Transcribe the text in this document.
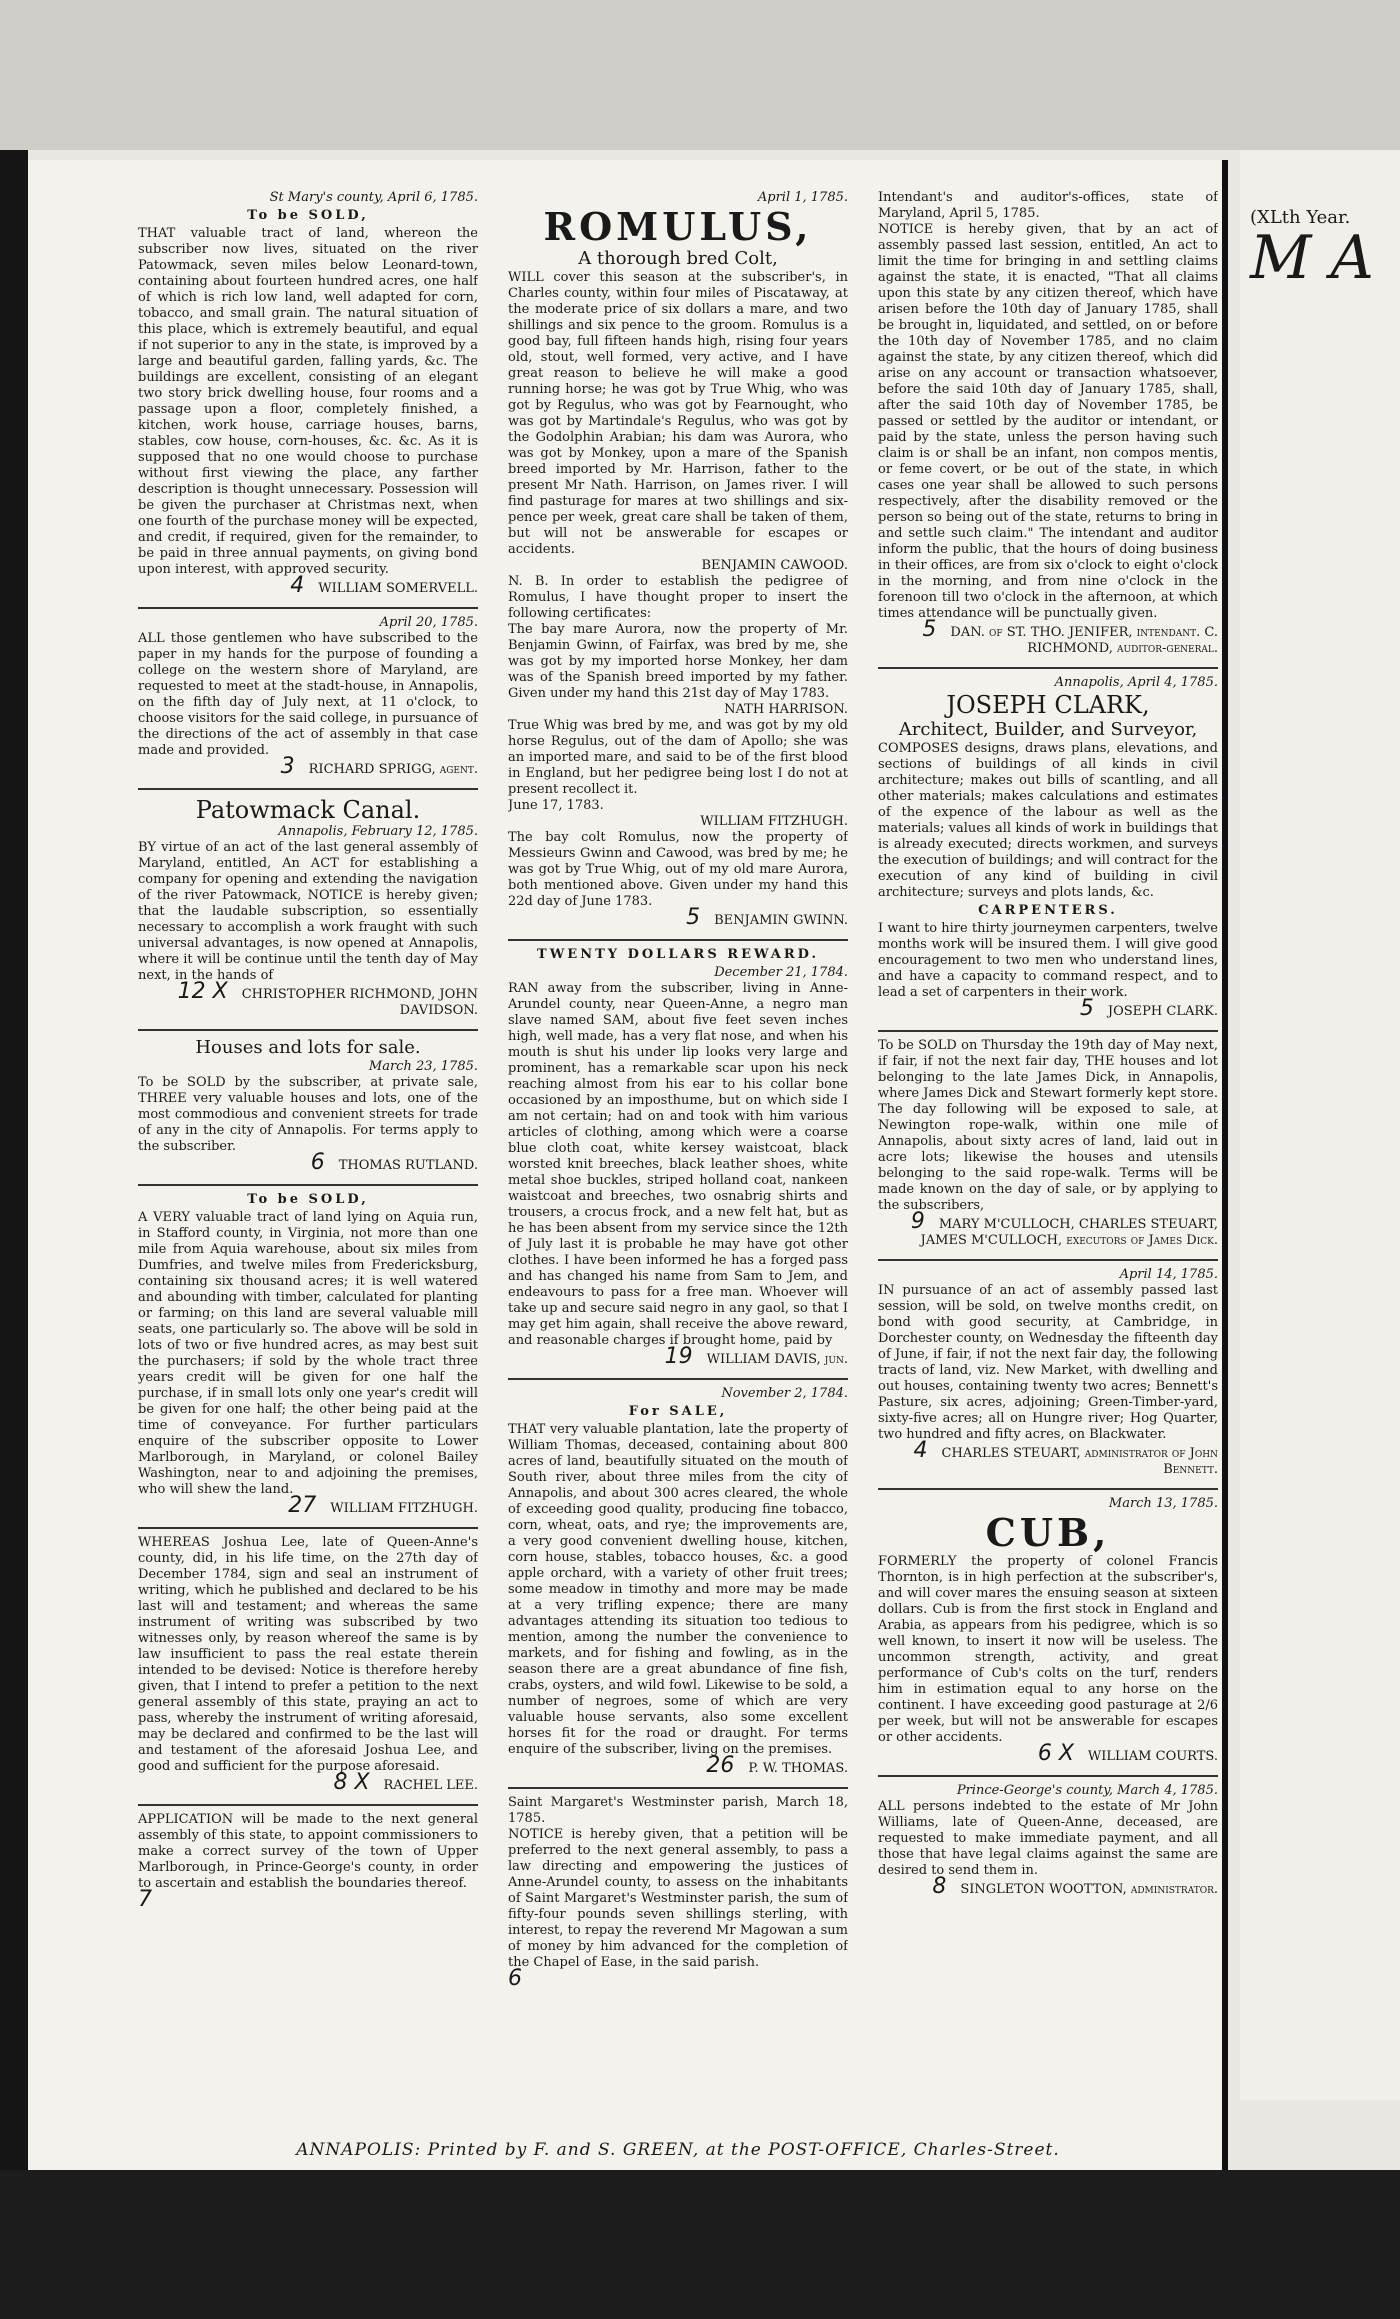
St Mary's county, April 6, 1785.
To be SOLD,
THAT valuable tract of land, whereon the subscriber now lives, situated on the river Patowmack, seven miles below Leonard-town, containing about fourteen hundred acres, one half of which is rich low land, well adapted for corn, tobacco, and small grain. The natural situation of this place, which is extremely beautiful, and equal if not superior to any in the state, is improved by a large and beautiful garden, falling yards, &c. The buildings are excellent, consisting of an elegant two story brick dwelling house, four rooms and a passage upon a floor, completely finished, a kitchen, work house, carriage houses, barns, stables, cow house, corn-houses, &c. &c. As it is supposed that no one would choose to purchase without first viewing the place, any farther description is thought unnecessary. Possession will be given the purchaser at Christmas next, when one fourth of the purchase money will be expected, and credit, if required, given for the remainder, to be paid in three annual payments, on giving bond upon interest, with approved security.
4 WILLIAM SOMERVELL.
April 20, 1785.
ALL those gentlemen who have subscribed to the paper in my hands for the purpose of founding a college on the western shore of Maryland, are requested to meet at the stadt-house, in Annapolis, on the fifth day of July next, at 11 o'clock, to choose visitors for the said college, in pursuance of the directions of the act of assembly in that case made and provided.
3 RICHARD SPRIGG, agent.
Patowmack Canal.
Annapolis, February 12, 1785.
BY virtue of an act of the last general assembly of Maryland, entitled, An ACT for establishing a company for opening and extending the navigation of the river Patowmack, NOTICE is hereby given; that the laudable subscription, so essentially necessary to accomplish a work fraught with such universal advantages, is now opened at Annapolis, where it will be continue until the tenth day of May next, in the hands of
12 X CHRISTOPHER RICHMOND, JOHN DAVIDSON.
Houses and lots for sale.
March 23, 1785.
To be SOLD by the subscriber, at private sale, THREE very valuable houses and lots, one of the most commodious and convenient streets for trade of any in the city of Annapolis. For terms apply to the subscriber.
6 THOMAS RUTLAND.
To be SOLD,
A VERY valuable tract of land lying on Aquia run, in Stafford county, in Virginia, not more than one mile from Aquia warehouse, about six miles from Dumfries, and twelve miles from Fredericksburg, containing six thousand acres; it is well watered and abounding with timber, calculated for planting or farming; on this land are several valuable mill seats, one particularly so. The above will be sold in lots of two or five hundred acres, as may best suit the purchasers; if sold by the whole tract three years credit will be given for one half the purchase, if in small lots only one year's credit will be given for one half; the other being paid at the time of conveyance. For further particulars enquire of the subscriber opposite to Lower Marlborough, in Maryland, or colonel Bailey Washington, near to and adjoining the premises, who will shew the land.
27 WILLIAM FITZHUGH.
WHEREAS Joshua Lee, late of Queen-Anne's county, did, in his life time, on the 27th day of December 1784, sign and seal an instrument of writing, which he published and declared to be his last will and testament; and whereas the same instrument of writing was subscribed by two witnesses only, by reason whereof the same is by law insufficient to pass the real estate therein intended to be devised: Notice is therefore hereby given, that I intend to prefer a petition to the next general assembly of this state, praying an act to pass, whereby the instrument of writing aforesaid, may be declared and confirmed to be the last will and testament of the aforesaid Joshua Lee, and good and sufficient for the purpose aforesaid.
8 X RACHEL LEE.
APPLICATION will be made to the next general assembly of this state, to appoint commissioners to make a correct survey of the town of Upper Marlborough, in Prince-George's county, in order to ascertain and establish the boundaries thereof.
7
April 1, 1785.
ROMULUS,
A thorough bred Colt,
WILL cover this season at the subscriber's, in Charles county, within four miles of Piscataway, at the moderate price of six dollars a mare, and two shillings and six pence to the groom. Romulus is a good bay, full fifteen hands high, rising four years old, stout, well formed, very active, and I have great reason to believe he will make a good running horse; he was got by True Whig, who was got by Regulus, who was got by Fearnought, who was got by Martindale's Regulus, who was got by the Godolphin Arabian; his dam was Aurora, who was got by Monkey, upon a mare of the Spanish breed imported by Mr. Harrison, father to the present Mr Nath. Harrison, on James river. I will find pasturage for mares at two shillings and six-pence per week, great care shall be taken of them, but will not be answerable for escapes or accidents.
BENJAMIN CAWOOD.
N. B. In order to establish the pedigree of Romulus, I have thought proper to insert the following certificates:
The bay mare Aurora, now the property of Mr. Benjamin Gwinn, of Fairfax, was bred by me, she was got by my imported horse Monkey, her dam was of the Spanish breed imported by my father. Given under my hand this 21st day of May 1783.
NATH HARRISON.
True Whig was bred by me, and was got by my old horse Regulus, out of the dam of Apollo; she was an imported mare, and said to be of the first blood in England, but her pedigree being lost I do not at present recollect it.
June 17, 1783.
WILLIAM FITZHUGH.
The bay colt Romulus, now the property of Messieurs Gwinn and Cawood, was bred by me; he was got by True Whig, out of my old mare Aurora, both mentioned above. Given under my hand this 22d day of June 1783.
5 BENJAMIN GWINN.
TWENTY DOLLARS REWARD.
December 21, 1784.
RAN away from the subscriber, living in Anne-Arundel county, near Queen-Anne, a negro man slave named SAM, about five feet seven inches high, well made, has a very flat nose, and when his mouth is shut his under lip looks very large and prominent, has a remarkable scar upon his neck reaching almost from his ear to his collar bone occasioned by an imposthume, but on which side I am not certain; had on and took with him various articles of clothing, among which were a coarse blue cloth coat, white kersey waistcoat, black worsted knit breeches, black leather shoes, white metal shoe buckles, striped holland coat, nankeen waistcoat and breeches, two osnabrig shirts and trousers, a crocus frock, and a new felt hat, but as he has been absent from my service since the 12th of July last it is probable he may have got other clothes. I have been informed he has a forged pass and has changed his name from Sam to Jem, and endeavours to pass for a free man. Whoever will take up and secure said negro in any gaol, so that I may get him again, shall receive the above reward, and reasonable charges if brought home, paid by
19 WILLIAM DAVIS, jun.
November 2, 1784.
For SALE,
THAT very valuable plantation, late the property of William Thomas, deceased, containing about 800 acres of land, beautifully situated on the mouth of South river, about three miles from the city of Annapolis, and about 300 acres cleared, the whole of exceeding good quality, producing fine tobacco, corn, wheat, oats, and rye; the improvements are, a very good convenient dwelling house, kitchen, corn house, stables, tobacco houses, &c. a good apple orchard, with a variety of other fruit trees; some meadow in timothy and more may be made at a very trifling expence; there are many advantages attending its situation too tedious to mention, among the number the convenience to markets, and for fishing and fowling, as in the season there are a great abundance of fine fish, crabs, oysters, and wild fowl. Likewise to be sold, a number of negroes, some of which are very valuable house servants, also some excellent horses fit for the road or draught. For terms enquire of the subscriber, living on the premises.
26 P. W. THOMAS.
Saint Margaret's Westminster parish, March 18, 1785.
NOTICE is hereby given, that a petition will be preferred to the next general assembly, to pass a law directing and empowering the justices of Anne-Arundel county, to assess on the inhabitants of Saint Margaret's Westminster parish, the sum of fifty-four pounds seven shillings sterling, with interest, to repay the reverend Mr Magowan a sum of money by him advanced for the completion of the Chapel of Ease, in the said parish.
6
Intendant's and auditor's-offices, state of Maryland, April 5, 1785.
NOTICE is hereby given, that by an act of assembly passed last session, entitled, An act to limit the time for bringing in and settling claims against the state, it is enacted, "That all claims upon this state by any citizen thereof, which have arisen before the 10th day of January 1785, shall be brought in, liquidated, and settled, on or before the 10th day of November 1785, and no claim against the state, by any citizen thereof, which did arise on any account or transaction whatsoever, before the said 10th day of January 1785, shall, after the said 10th day of November 1785, be passed or settled by the auditor or intendant, or paid by the state, unless the person having such claim is or shall be an infant, non compos mentis, or feme covert, or be out of the state, in which cases one year shall be allowed to such persons respectively, after the disability removed or the person so being out of the state, returns to bring in and settle such claim." The intendant and auditor inform the public, that the hours of doing business in their offices, are from six o'clock to eight o'clock in the morning, and from nine o'clock in the forenoon till two o'clock in the afternoon, at which times attendance will be punctually given.
5 DAN. of ST. THO. JENIFER, intendant. C. RICHMOND, auditor-general.
Annapolis, April 4, 1785.
JOSEPH CLARK,
Architect, Builder, and Surveyor,
COMPOSES designs, draws plans, elevations, and sections of buildings of all kinds in civil architecture; makes out bills of scantling, and all other materials; makes calculations and estimates of the expence of the labour as well as the materials; values all kinds of work in buildings that is already executed; directs workmen, and surveys the execution of buildings; and will contract for the execution of any kind of building in civil architecture; surveys and plots lands, &c.
CARPENTERS.
I want to hire thirty journeymen carpenters, twelve months work will be insured them. I will give good encouragement to two men who understand lines, and have a capacity to command respect, and to lead a set of carpenters in their work.
5 JOSEPH CLARK.
To be SOLD on Thursday the 19th day of May next, if fair, if not the next fair day, THE houses and lot belonging to the late James Dick, in Annapolis, where James Dick and Stewart formerly kept store. The day following will be exposed to sale, at Newington rope-walk, within one mile of Annapolis, about sixty acres of land, laid out in acre lots; likewise the houses and utensils belonging to the said rope-walk. Terms will be made known on the day of sale, or by applying to the subscribers,
9 MARY M'CULLOCH, CHARLES STEUART, JAMES M'CULLOCH, executors of James Dick.
April 14, 1785.
IN pursuance of an act of assembly passed last session, will be sold, on twelve months credit, on bond with good security, at Cambridge, in Dorchester county, on Wednesday the fifteenth day of June, if fair, if not the next fair day, the following tracts of land, viz. New Market, with dwelling and out houses, containing twenty two acres; Bennett's Pasture, six acres, adjoining; Green-Timber-yard, sixty-five acres; all on Hungre river; Hog Quarter, two hundred and fifty acres, on Blackwater.
4 CHARLES STEUART, administrator of John Bennett.
March 13, 1785.
CUB,
FORMERLY the property of colonel Francis Thornton, is in high perfection at the subscriber's, and will cover mares the ensuing season at sixteen dollars. Cub is from the first stock in England and Arabia, as appears from his pedigree, which is so well known, to insert it now will be useless. The uncommon strength, activity, and great performance of Cub's colts on the turf, renders him in estimation equal to any horse on the continent. I have exceeding good pasturage at 2/6 per week, but will not be answerable for escapes or other accidents.
6 X WILLIAM COURTS.
Prince-George's county, March 4, 1785.
ALL persons indebted to the estate of Mr John Williams, late of Queen-Anne, deceased, are requested to make immediate payment, and all those that have legal claims against the same are desired to send them in.
8 SINGLETON WOOTTON, administrator.
ANNAPOLIS: Printed by F. and S. GREEN, at the POST-OFFICE, Charles-Street.
(XLth Year.
M A
